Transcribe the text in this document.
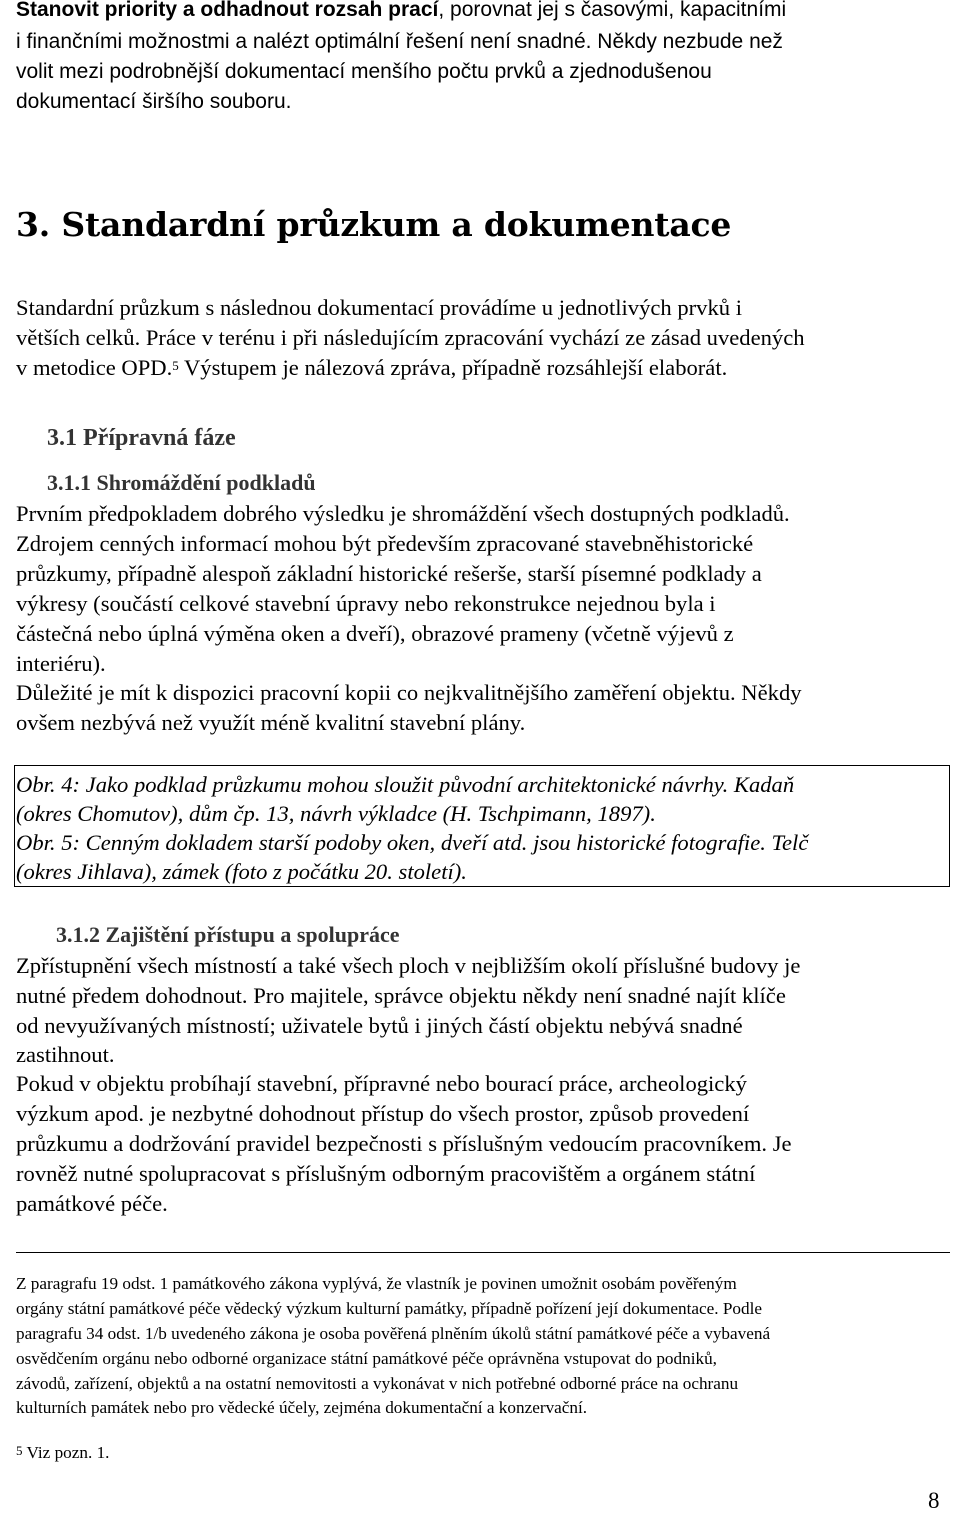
Stanovit priority a odhadnout rozsah prací, porovnat jej s časovými, kapacitními
i finančními možnostmi a nalézt optimální řešení není snadné. Někdy nezbude než
volit mezi podrobnější dokumentací menšího počtu prvků a zjednodušenou
dokumentací širšího souboru.
3. Standardní průzkum a dokumentace
Standardní průzkum s následnou dokumentací provádíme u jednotlivých prvků i
větších celků. Práce v terénu i při následujícím zpracování vychází ze zásad uvedených
v metodice OPD.$^5$ Výstupem je nálezová zpráva, případně rozsáhlejší elaborát.
3.1 Přípravná fáze
3.1.1 Shromáždění podkladů
Prvním předpokladem dobrého výsledku je shromáždění všech dostupných podkladů.
Zdrojem cenných informací mohou být především zpracované stavebněhistorické
průzkumy, případně alespoň základní historické rešerše, starší písemné podklady a
výkresy (součástí celkové stavební úpravy nebo rekonstrukce nejednou byla i
částečná nebo úplná výměna oken a dveří), obrazové prameny (včetně výjevů z
interiéru).
Důležité je mít k dispozici pracovní kopii co nejkvalitnějšího zaměření objektu. Někdy
ovšem nezbývá než využít méně kvalitní stavební plány.
Obr. 4: Jako podklad průzkumu mohou sloužit původní architektonické návrhy. Kadaň
(okres Chomutov), dům čp. 13, návrh výkladce (H. Tschpimann, 1897).
Obr. 5: Cenným dokladem starší podoby oken, dveří atd. jsou historické fotografie. Telč
(okres Jihlava), zámek (foto z počátku 20. století).
3.1.2 Zajištění přístupu a spolupráce
Zpřístupnění všech místností a také všech ploch v nejbližším okolí příslušné budovy je
nutné předem dohodnout. Pro majitele, správce objektu někdy není snadné najít klíče
od nevyužívaných místností; uživatele bytů i jiných částí objektu nebývá snadné
zastihnout.
Pokud v objektu probíhají stavební, přípravné nebo bourací práce, archeologický
výzkum apod. je nezbytné dohodnout přístup do všech prostor, způsob provedení
průzkumu a dodržování pravidel bezpečnosti s příslušným vedoucím pracovníkem. Je
rovněž nutné spolupracovat s příslušným odborným pracovištěm a orgánem státní
památkové péče.
Z paragrafu 19 odst. 1 památkového zákona vyplývá, že vlastník je povinen umožnit osobám pověřeným
orgány státní památkové péče vědecký výzkum kulturní památky, případně pořízení její dokumentace. Podle
paragrafu 34 odst. 1/b uvedeného zákona je osoba pověřená plněním úkolů státní památkové péče a vybavená
osvědčením orgánu nebo odborné organizace státní památkové péče oprávněna vstupovat do podniků,
závodů, zařízení, objektů a na ostatní nemovitosti a vykonávat v nich potřebné odborné práce na ochranu
kulturních památek nebo pro vědecké účely, zejména dokumentační a konzervační.
$^5$ Viz pozn. 1.
8
